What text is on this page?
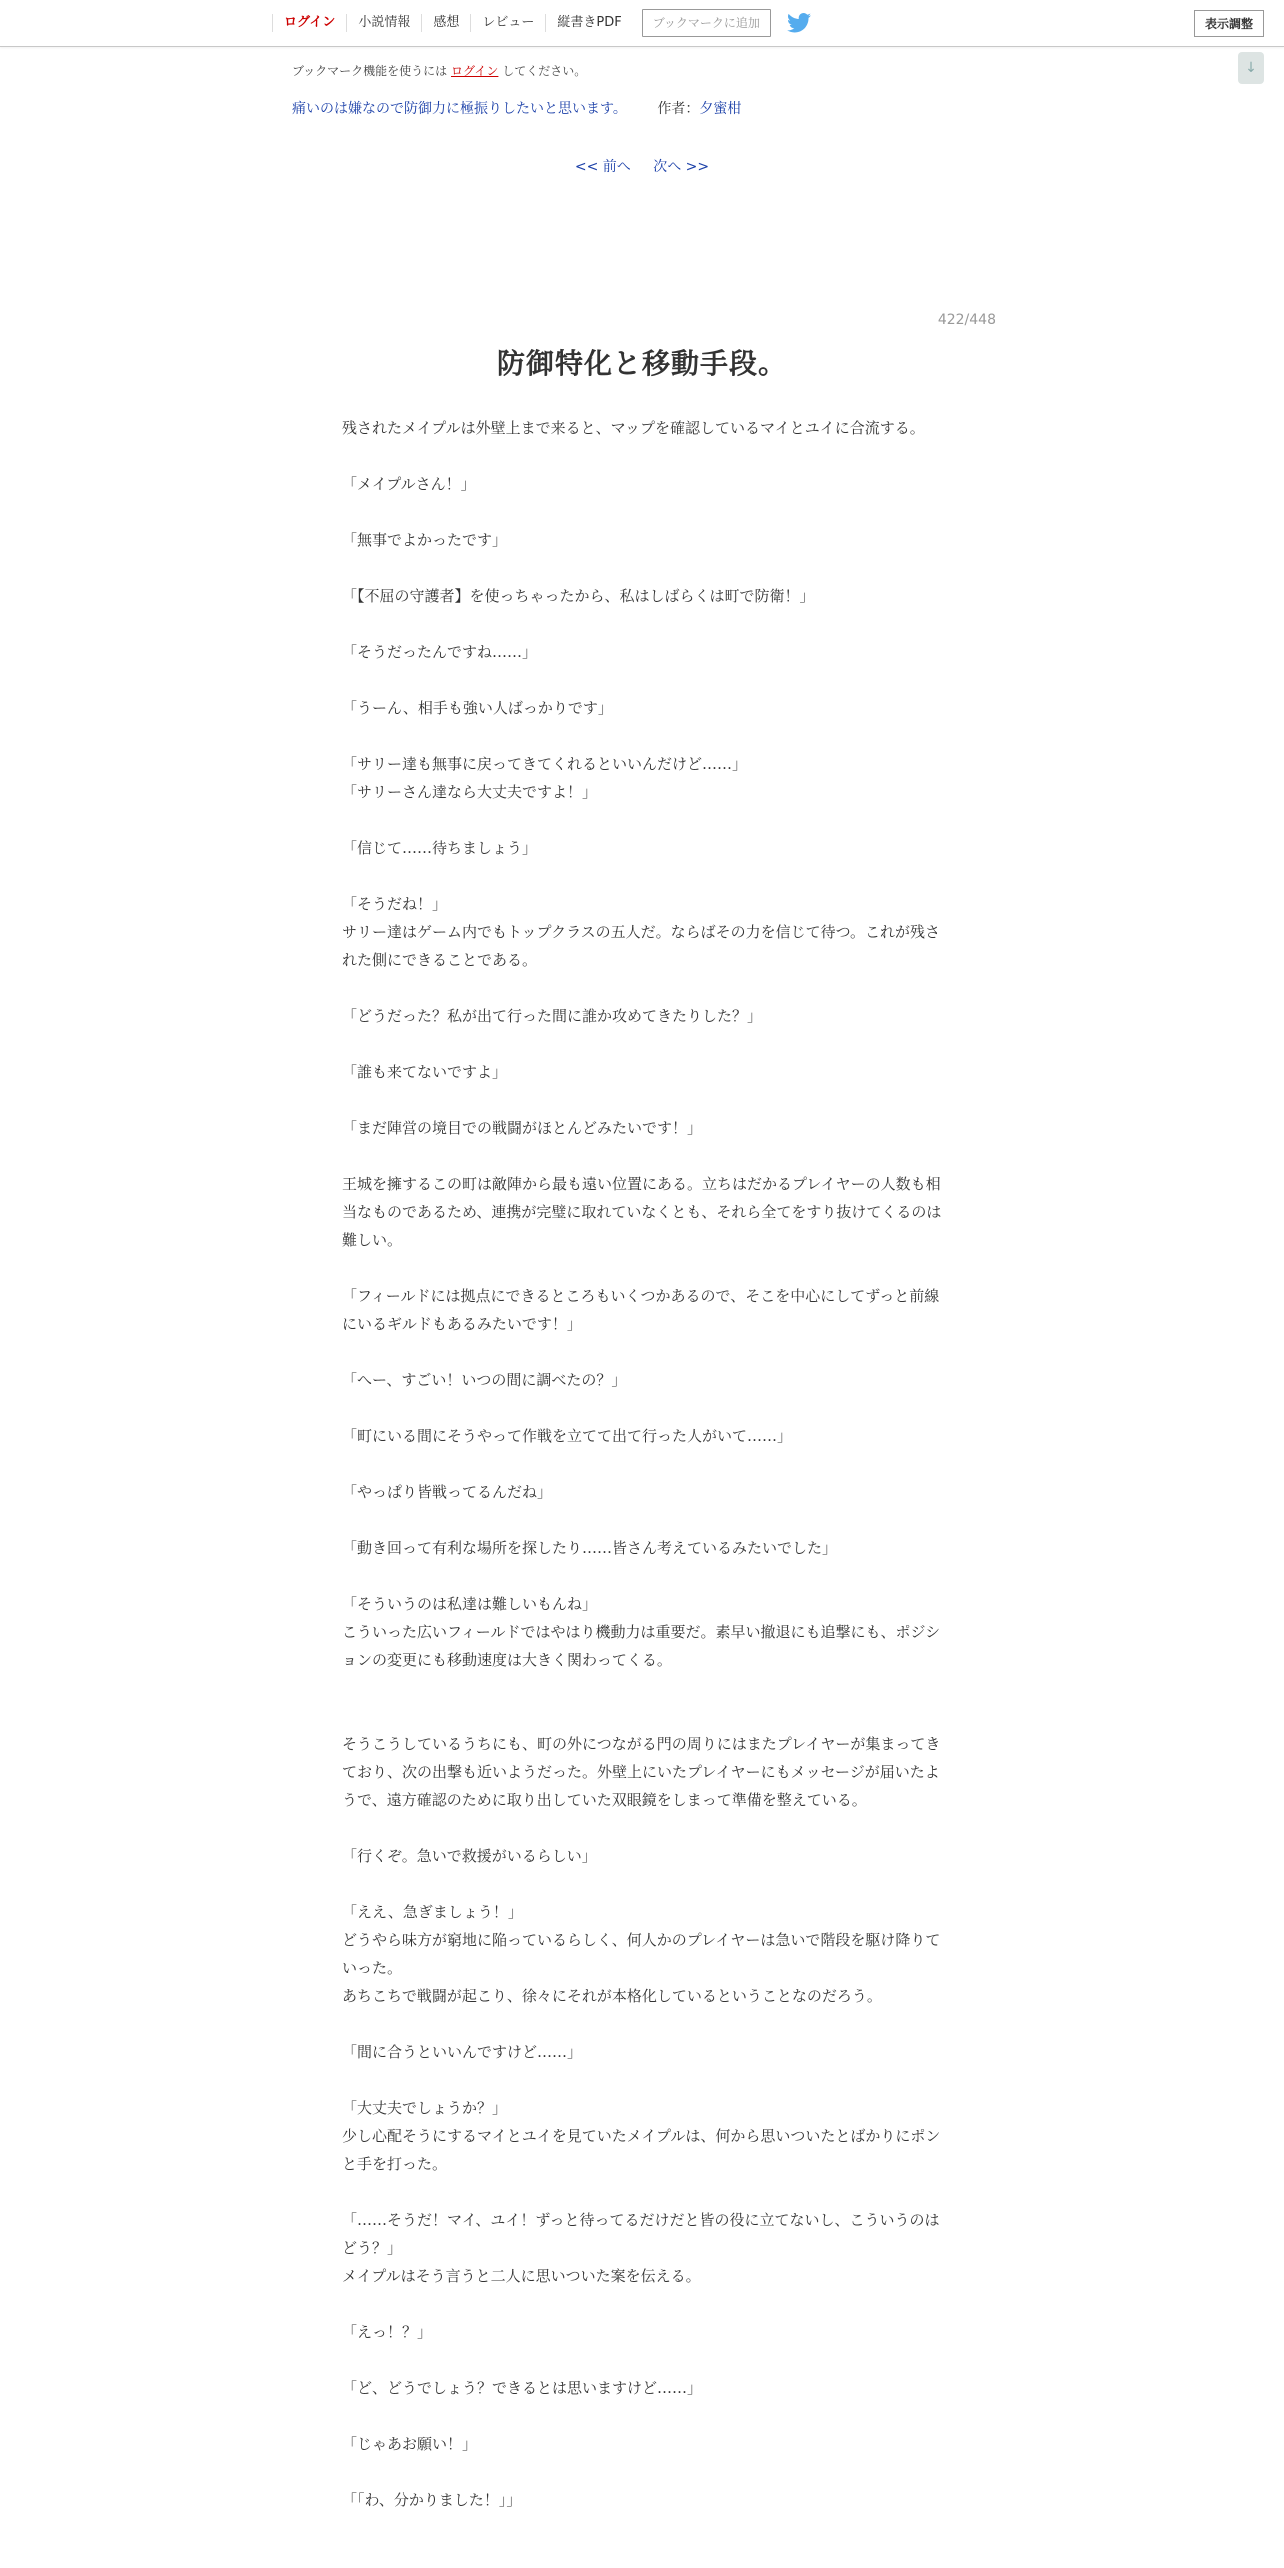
ログイン	小説情報	感想	レビュー	縦書きPDF	ブックマークに追加	表示調整
↓
ブックマーク機能を使うには ログイン してください。
痛いのは嫌なので防御力に極振りしたいと思います。 作者：夕蜜柑
<< 前へ 次へ >>
422/448
防御特化と移動手段。

残されたメイプルは外壁上まで来ると、マップを確認しているマイとユイに合流する。

「メイプルさん！」

「無事でよかったです」

「【不屈の守護者】を使っちゃったから、私はしばらくは町で防衛！」

「そうだったんですね……」

「うーん、相手も強い人ばっかりです」

「サリー達も無事に戻ってきてくれるといいんだけど……」

「サリーさん達なら大丈夫ですよ！」

「信じて……待ちましょう」

「そうだね！」

サリー達はゲーム内でもトップクラスの五人だ。ならばその力を信じて待つ。これが残された側にできることである。

「どうだった？私が出て行った間に誰か攻めてきたりした？」

「誰も来てないですよ」

「まだ陣営の境目での戦闘がほとんどみたいです！」

王城を擁するこの町は敵陣から最も遠い位置にある。立ちはだかるプレイヤーの人数も相当なものであるため、連携が完璧に取れていなくとも、それら全てをすり抜けてくるのは難しい。

「フィールドには拠点にできるところもいくつかあるので、そこを中心にしてずっと前線にいるギルドもあるみたいです！」

「へー、すごい！いつの間に調べたの？」

「町にいる間にそうやって作戦を立てて出て行った人がいて……」

「やっぱり皆戦ってるんだね」

「動き回って有利な場所を探したり……皆さん考えているみたいでした」

「そういうのは私達は難しいもんね」

こういった広いフィールドではやはり機動力は重要だ。素早い撤退にも追撃にも、ポジションの変更にも移動速度は大きく関わってくる。

そうこうしているうちにも、町の外につながる門の周りにはまたプレイヤーが集まってきており、次の出撃も近いようだった。外壁上にいたプレイヤーにもメッセージが届いたようで、遠方確認のために取り出していた双眼鏡をしまって準備を整えている。

「行くぞ。急いで救援がいるらしい」

「ええ、急ぎましょう！」

どうやら味方が窮地に陥っているらしく、何人かのプレイヤーは急いで階段を駆け降りていった。

あちこちで戦闘が起こり、徐々にそれが本格化しているということなのだろう。

「間に合うといいんですけど……」

「大丈夫でしょうか？」

少し心配そうにするマイとユイを見ていたメイプルは、何から思いついたとばかりにポンと手を打った。

「……そうだ！マイ、ユイ！ずっと待ってるだけだと皆の役に立てないし、こういうのはどう？」

メイプルはそう言うと二人に思いついた案を伝える。

「えっ！？」

「ど、どうでしょう？できるとは思いますけど……」

「じゃあお願い！」

「「わ、分かりました！」」
